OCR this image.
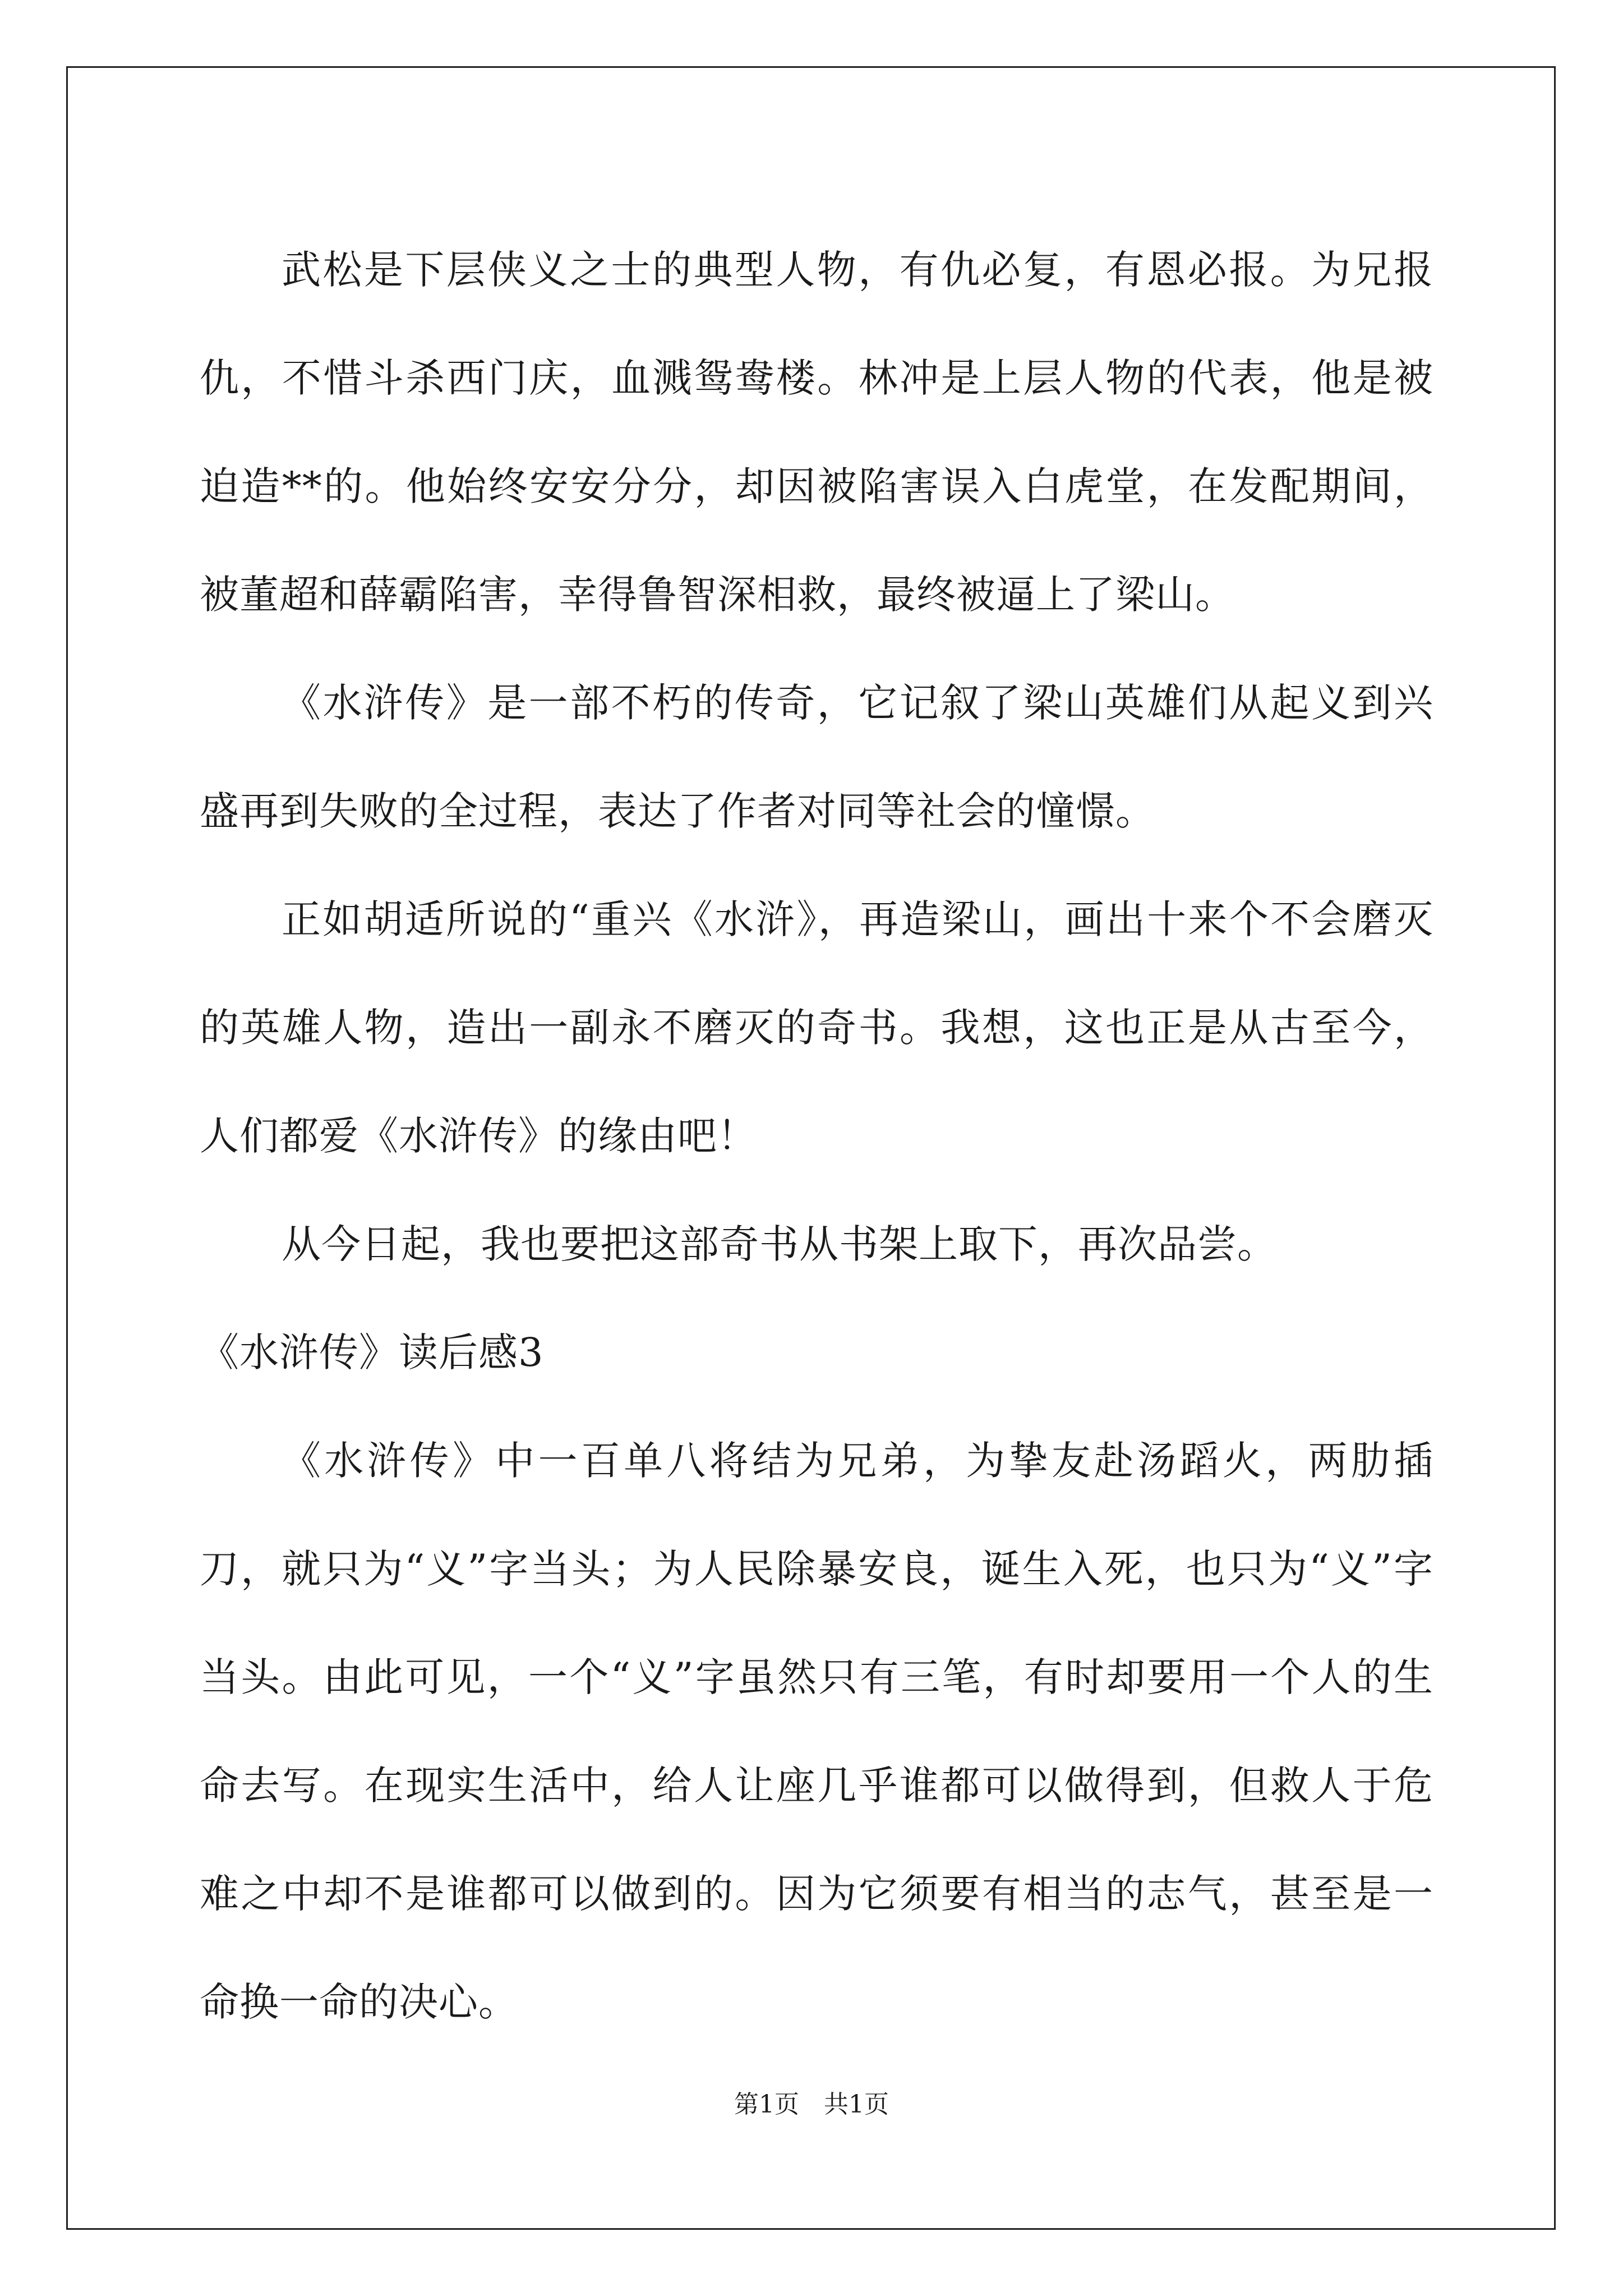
武松是下层侠义之士的典型人物，有仇必复，有恩必报。为兄报仇，不惜斗杀西门庆，血溅鸳鸯楼。林冲是上层人物的代表，他是被迫造**的。他始终安安分分，却因被陷害误入白虎堂，在发配期间，被董超和薛霸陷害，幸得鲁智深相救，最终被逼上了梁山。

《水浒传》是一部不朽的传奇，它记叙了梁山英雄们从起义到兴盛再到失败的全过程，表达了作者对同等社会的憧憬。

正如胡适所说的“重兴《水浒》，再造梁山，画出十来个不会磨灭的英雄人物，造出一副永不磨灭的奇书。我想，这也正是从古至今，人们都爱《水浒传》的缘由吧！

从今日起，我也要把这部奇书从书架上取下，再次品尝。

《水浒传》读后感3

《水浒传》中一百单八将结为兄弟，为挚友赴汤蹈火，两肋插刀，就只为“义”字当头；为人民除暴安良，诞生入死，也只为“义”字当头。由此可见，一个“义”字虽然只有三笔，有时却要用一个人的生命去写。在现实生活中，给人让座几乎谁都可以做得到，但救人于危难之中却不是谁都可以做到的。因为它须要有相当的志气，甚至是一命换一命的决心。

第1页　共1页
